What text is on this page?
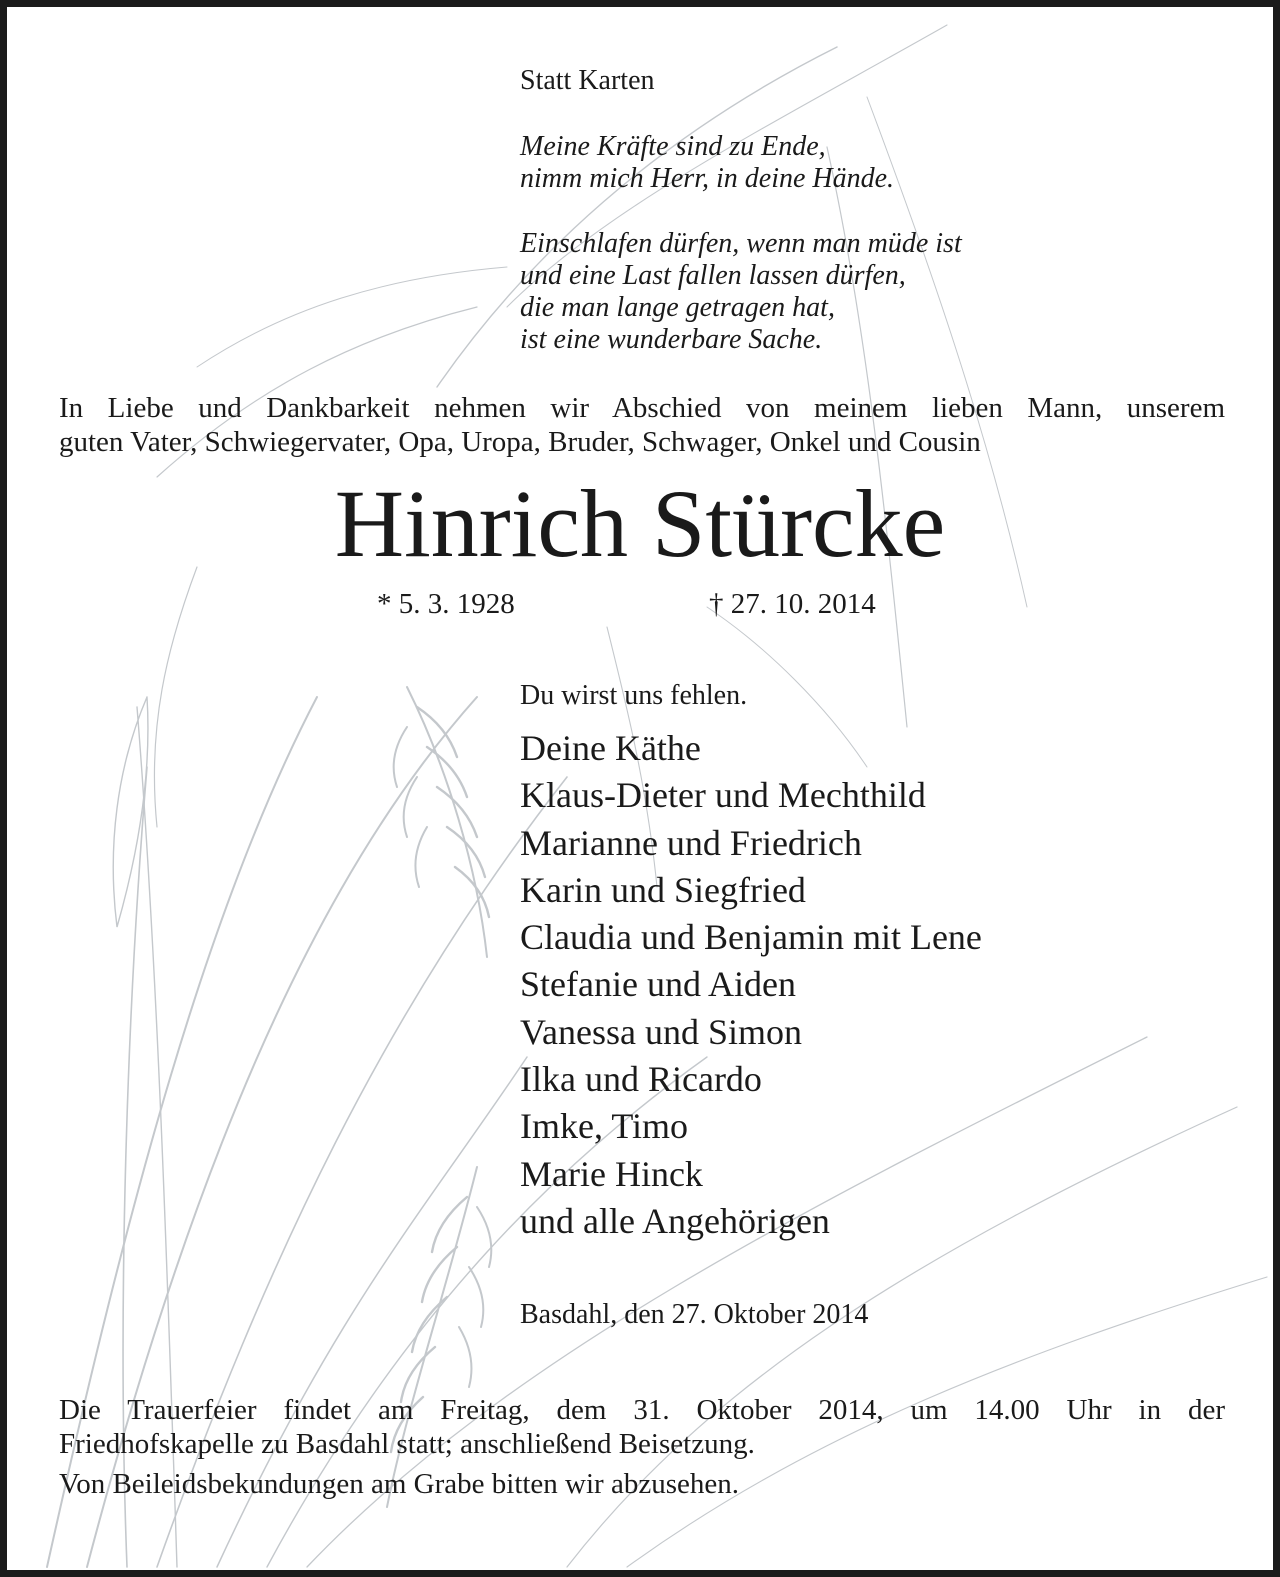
Statt Karten
Meine Kräfte sind zu Ende,
nimm mich Herr, in deine Hände.
Einschlafen dürfen, wenn man müde ist
und eine Last fallen lassen dürfen,
die man lange getragen hat,
ist eine wunderbare Sache.
In Liebe und Dankbarkeit nehmen wir Abschied von meinem lieben Mann, unserem
guten Vater, Schwiegervater, Opa, Uropa, Bruder, Schwager, Onkel und Cousin
Hinrich Stürcke
* 5. 3. 1928	† 27. 10. 2014
Du wirst uns fehlen.
Deine Käthe
Klaus-Dieter und Mechthild
Marianne und Friedrich
Karin und Siegfried
Claudia und Benjamin mit Lene
Stefanie und Aiden
Vanessa und Simon
Ilka und Ricardo
Imke, Timo
Marie Hinck
und alle Angehörigen
Basdahl, den 27. Oktober 2014
Die Trauerfeier findet am Freitag, dem 31. Oktober 2014, um 14.00 Uhr in der
Friedhofskapelle zu Basdahl statt; anschließend Beisetzung.
Von Beileidsbekundungen am Grabe bitten wir abzusehen.
